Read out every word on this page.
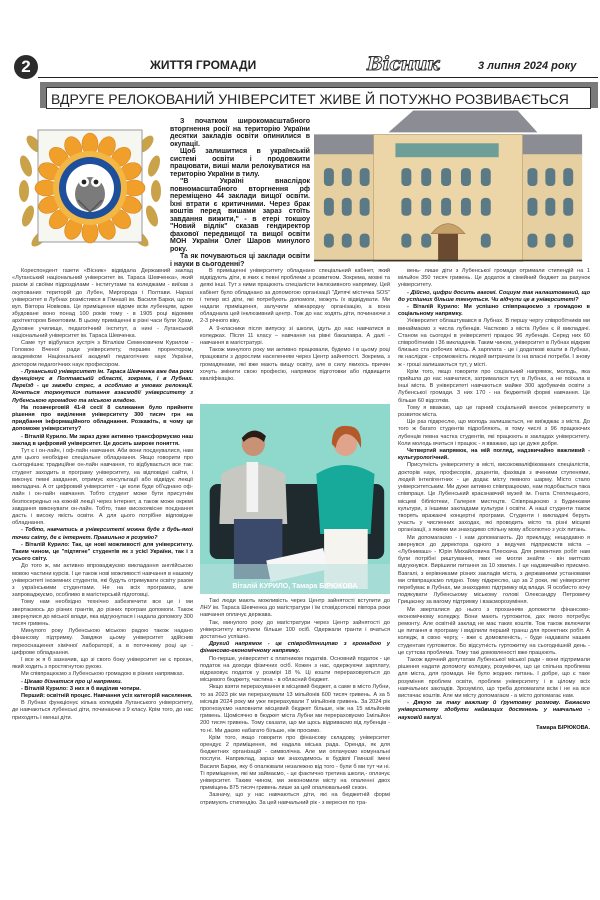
2	ЖИТТЯ ГРОМАДИ	Вісник	3 липня 2024 року
ВДРУГЕ РЕЛОКОВАНИЙ УНІВЕРСИТЕТ ЖИВЕ Й ПОТУЖНО РОЗВИВАЄТЬСЯ

З початком широкомасштабного вторгнення росії на територію України десятки закладів освіти опинилися в окупації.

Щоб залишитися в українській системі освіти і продовжити працювати, виші мали релокуватися на територію України в тилу.

"В Україні внаслідок повномасштабного вторгнення рф переміщено 44 заклади вищої освіти. Їхні втрати є критичними. Через брак коштів перед вишами зараз стоїть завдання вижити," - в етері токшоу "Новий відлік" сказав гендиректор фахової передвищої та вищої освіти МОН України Олег Шаров минулого року.

Та як почуваються ці заклади освіти і науки в сьогоденні?

Кореспондент газети «Вісник» відвідала Державний заклад «Луганський національний університет ім. Тараса Шевченка», який разом зі своїми підрозділами - інститутами та коледжами - виїхав з окупованих територій до Лубен, Миргорода і Полтави. Наразі університет в Лубнах розмістився в Гімназії ім. Василя Барки, що по вул. Віктора Новікова. Це приміщення відоме всім лубенцям, адже збудоване воно понад 100 років тому - в 1905 році відомим архітектором Бекетовим. В цьому приміщенні в різні часи були Храм, Духовне училище, педагогічний інститут, а нині - Луганський національний університет ім. Тараса Шевченка.

Саме тут відбулася зустріч з Віталієм Семеновичем Курилом - Головою Вченої ради університету, першим проректором, академіком Національної академії педагогічних наук України, доктором педагогічних наук професором.

- Луганський університет ім. Тараса Шевченка вже два роки функціонує в Полтавській області, зокрема, і в Лубнах. Переїзд - це завжди стрес, а особливо в умовах релокації. Хочеться торкнутися питання взаємодії університету з Лубенською громадою та міською владою.

На позачерговій 41-й сесії 8 скликання було прийняте рішення про виділення університету 300 тисяч грн на придбання інформаційного обладнання. Розкажіть, в чому це допоможе університету?

- Віталій Курило. Ми зараз дуже активно трансформуємо наш заклад в цифровий університет. Це досить широке поняття.

Тут є і он-лайн, і оф-лайн навчання. Аби вони поєднувалися, нам для цього необхідне спеціальне обладнання. Якщо говорити про сьогоднішнє традиційне он-лайн навчання, то відбувається все так: студент заходить в програму університету, на відповідні сайти, і виконує певні завдання, отримує консультації або відвідує лекції викладача. А от цифровий університет - це коли буде об'єднано оф-лайн і он-лайн навчання. Тобто студент може бути присутнім безпосередньо на кожній лекції через інтернет, а також може окремі завдання виконувати он-лайн. Тобто, таке високоякісне поєднання дасть і високу якість освіти. А для цього потрібне відповідне обладнання.

- Тобто, навчатись в університеті можна буде з будь-якої точки світу, де є інтернет. Правильно я розумію?

- Віталій Курило: Так, це нові можливості для університету. Таким чином, це "підтягне" студентів як з усієї України, так і з усього світу.

До того ж, ми активно впроваджуємо викладання англійською мовою частини курсів. І це також нові можливості навчання в нашому університеті іноземних студентів, які будуть отримувати освіту разом з українськими студентами. Не на всіх програмах, але запроваджуємо, особливо в магістерській підготовці.

Тому нам необхідно технічно забезпечити все це і ми звертаємось до різних грантів, до різних програм допомоги. Також звернулися до міської влади, яка відгукнулася і надала допомогу 300 тисяч гривень.

Минулого року Лубенською міською радою також надано фінансову підтримку. Завдяки цьому університет здійснив переоснащення хімічної лабораторії, а в поточному році це - цифрове обладнання.

І все ж я б зазначив, що зі свого боку університет не є прохач, який ходить з простягнутою рукою.

Ми співпрацюємо з Лубенською громадою в різних напрямках.

- Цікаво дізнатися про ці напрямки.

- Віталій Курило: З них я б виділив чотири.

Перший: освітній процес. Навчання усіх категорій населення.

В Лубнах функціонує кілька коледжів Луганського університету, де навчаються лубенські діти, починаючи з 9 класу. Крім того, до нас приходять і менші діти.

В приміщенні університету обладнано спеціальний кабінет, який відвідують діти, в яких є певні проблеми з розвитком. Зокрема, мовні та деякі інші. Тут з ними працюють спеціалісти інклюзивного напрямку. Цей кабінет було обладнано за допомогою організації "Дитячі містечка SOS" і тепер всі діти, які потребують допомоги, можуть їх відвідувати. Ми надали приміщення, залучили міжнародну організацію, а вона обладнала цей інклюзивний центр. Тож до нас ходять діти, починаючи з 2-3 річного віку.

А 9-класники після випуску зі школи, ідуть до нас навчатися в коледжах. Після 11 класу – навчання на рівні бакалавра. А далі - навчання в магістратурі.

Також минулого року ми активно працювали, будемо і в цьому році працювати з дорослим населенням через Центр зайнятості. Зокрема, з громадянами, які вже мають вищу освіту, але в силу якихось причин хочуть змінити свою професію, напрямок підготовки або підвищити кваліфікацію.

Віталій КУРИЛО, Тамара БІРЮКОВА

Такі люди мають можливість через Центр зайнятості вступити до ЛНУ ім. Тараса Шевченка до магістратури і їм стовідсоткові півтора роки навчання оплачує держава.

Так, минулого року до магістратури через Центр зайнятості до університету вступили більше 100 осіб. Одержали гранти і вчаться достатньо успішно.

Другий напрямок - це співробітництво з громадою у фінансово-економічному напрямку.

По-перше, університет є платником податків. Основний податок - це податок на доходи фізичних осіб. Кожен з нас, одержуючи зарплату, відраховує податок у розмірі 18 %. Ці кошти перераховуються до місцевого бюджету, частина - в обласний бюджет.

Якщо взяти перерахування в місцевий бюджет, а саме в місто Лубни, то за 2023 рік ми перерахували 13 мільйонів 600 тисяч гривень. А за 5 місяців 2024 року ми уже перерахували 7 мільйонів гривень. За 2024 рік прогнозуємо наповнити місцевий бюджет більше, ніж на 15 мільйонів гривень. Щомісячно в бюджет міста Лубни ми перераховуємо 1мільйон 200 тисяч гривень. Тому сказати, що ми щось відриваємо від лубенців - то ні. Ми даємо набагато більше, ніж просимо.

Крім того, якщо говорити про фінансову складову, університет орендує 2 приміщення, які надала міська рада. Оренда, як для бюджетних організацій - символічна. Але ми оплачуємо комунальні послуги. Наприклад, зараз ми знаходимось в будівлі Гімназії імені Василя Барки, яку б опалювали незалежно від того - були б ми тут чи ні. Ті приміщення, які ми займаємо, - це фактично третина школи,- оплачує університет. Таким чином, ми зекономили місту на опаленні двох приміщень 875 тисяч гривень лише за цей опалювальний сезон.

Зазначу, що у нас навчаються діти, які на бюджетній формі отримують стипендію. За цей навчальний рік - з вересня по тра-

вень- лише діти з Лубенської громади отримали стипендій на 1 мільйон 350 тисяч гривень. Це додаток в сімейний бюджет за рахунок університету.

- Дійсно, цифри досить вагомі. Социум так налаштований, що до успішних більше тягнуться. Чи відчули це в університеті?

- Віталій Курило: Ми успішно співпрацюємо з громадою в соціальному напрямку.

Університет облаштувався в Лубнах. В першу чергу співробітників ми винаймаємо з числа лубенців. Частково з міста Лубен є й викладачі. Станом на сьогодні в університеті працює 96 лубенців. Серед них 60 співробітників і 36 викладачів. Таким чином, університет в Лубнах відкрив близько ста робочих місць. А зарплата - це і додаткові кошти в Лубнах, як наслідок - спроможність людей витрачати їх на власні потреби. І знову ж - гроші залишаються тут, у місті.

Крім того, якщо говорити про соціальний напрямок, молодь, яка прийшла до нас навчатися, затрималася тут, в Лубнах, а не поїхала в інші міста. В університеті навчаються майже 300 здобувачів освіти з Лубенської громади. З них 170 - на бюджетній формі навчання. Це більше 60 відсотків.

Тому я вважаю, що це гарний соціальний внесок університету в розвиток міста.

Ще раз підкреслю, що молодь залишається, не виїжджає з міста. До того ж багато студентів підробляють, в тому числі з 96 працюючих лубенців певна частка студентів, які працюють в закладах університету. Коли молодь вчиться і працює - я вважаю, що це дуже добре.

Четвертий напрямок, на мій погляд, надзвичайно важливий - культурологічний.

Присутність університету в місті, висококваліфікованих спеціалістів, докторів наук, професорів, доцентів, фахівців з вченими ступенями, людей інтелігентних - це додає місту певного шарму. Місто стало університетським. Ми дуже активно співпрацюємо, нам подобається така співпраця. Це Лубенський краєзнавчий музей ім. Гната Степлецького, місцеві бібліотеки, Галерея мистецтв. Співпрацюємо з Будинками культури, з іншими закладами культури і освіти. А наші студенти також творять вражаючі концертні програми. Студенти і викладачі беруть участь у численних заходах, які проводить місто та різні місцеві організації, з якими ми знаходимо спільну мову абсолютно з усіх питань.

Ми допомагаємо - і нам допомагають. До прикладу, нещодавно я звернувся до директора одного з ведучих підприємств міста – «Лубнимаш» - Юрія Михайловича Плескача. Для ремонтних робіт нам були потрібні риштування, яких не могли знайти - він миттєво відгукнувся. Вирішили питання за 10 хвилин. І це надзвичайно приємно. Взагалі, з керівниками різних закладів міста, з державними установами ми співпрацюємо плідно. Тому підкреслю, що за 2 роки, які університет перебуває в Лубнах, ми знаходимо підтримку від влади. Я особисто хочу подякувати Лубенському міському голові Олександру Петровичу Грицаєнку за вагому підтримку і взаєморозуміння.

Ми зверталися до нього з проханням допомогти фінансово-економічному коледжу. Вони мають гуртожиток, дах якого потребує ремонту. Але освітній заклад не має таких коштів. Тож також включили це питання в програму і виділили перший транш для проектних робіт. А коледж, в свою чергу, - вже є домовленість, - буде надавати нашим студентам гуртожиток. Бо відсутність гуртожитку на сьогоднішній день - це суттєва проблема. Тому такі домовленості вже працюють.

Також вдячний депутатам Лубенської міської ради - вони підтримали рішення надати допомогу коледжу, розуміючи, що це спільна проблема для міста, для громади. Не було жодних питань. І добре, що є таке розуміння проблем освіти, проблем університету і в цілому всіх навчальних закладів. Зрозуміло, що треба допомагати всім і не на все вистачає коштів. Але ми місту допомагаєм - а місто допомагає нам.

- Дякую за таку важливу й ґрунтовну розмову. Бажаємо університету здобути найвищих досягнень у навчально - науковій галузі.

Тамара БІРЮКОВА.
